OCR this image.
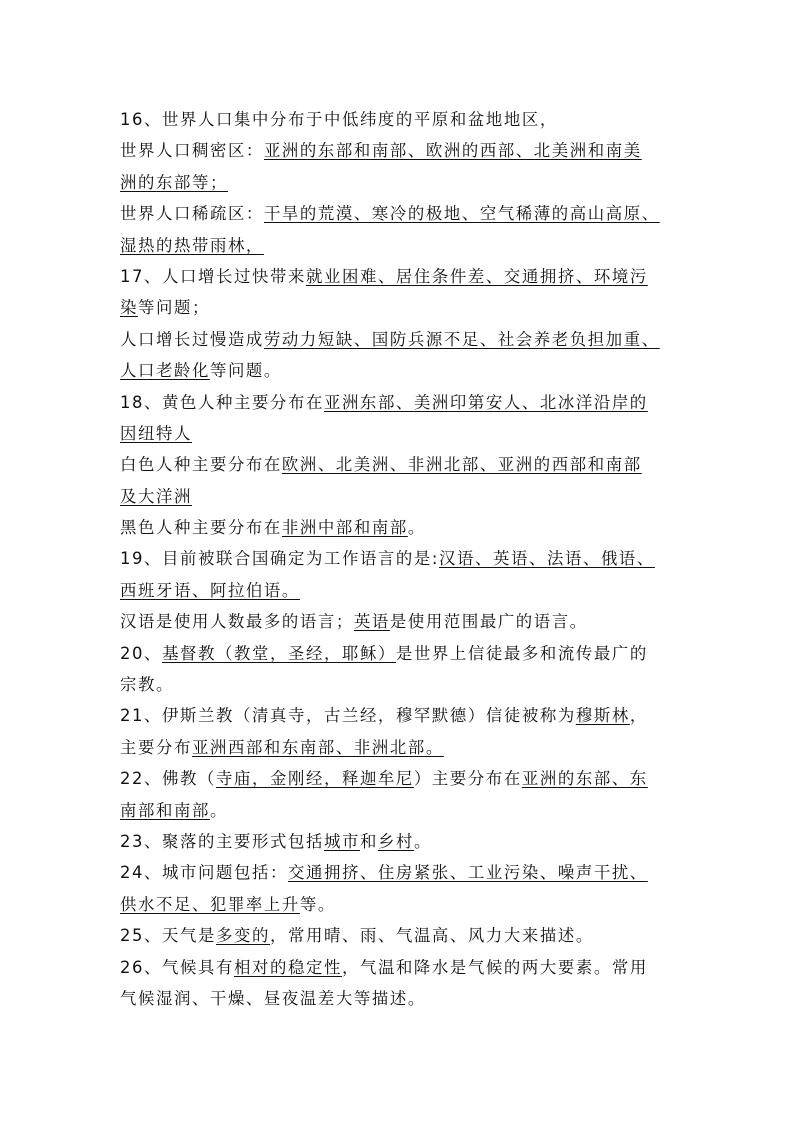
16、世界人口集中分布于中低纬度的平原和盆地地区，
世界人口稠密区：亚洲的东部和南部、欧洲的西部、北美洲和南美
洲的东部等；
世界人口稀疏区：干旱的荒漠、寒冷的极地、空气稀薄的高山高原、
湿热的热带雨林，
17、人口增长过快带来就业困难、居住条件差、交通拥挤、环境污
染等问题；
人口增长过慢造成劳动力短缺、国防兵源不足、社会养老负担加重、
人口老龄化等问题。
18、黄色人种主要分布在亚洲东部、美洲印第安人、北冰洋沿岸的
因纽特人
白色人种主要分布在欧洲、北美洲、非洲北部、亚洲的西部和南部
及大洋洲
黑色人种主要分布在非洲中部和南部。
19、目前被联合国确定为工作语言的是:汉语、英语、法语、俄语、
西班牙语、阿拉伯语。
汉语是使用人数最多的语言；英语是使用范围最广的语言。
20、基督教（教堂，圣经，耶稣）是世界上信徒最多和流传最广的
宗教。
21、伊斯兰教（清真寺，古兰经，穆罕默德）信徒被称为穆斯林，
主要分布亚洲西部和东南部、非洲北部。
22、佛教（寺庙，金刚经，释迦牟尼）主要分布在亚洲的东部、东
南部和南部。
23、聚落的主要形式包括城市和乡村。
24、城市问题包括：交通拥挤、住房紧张、工业污染、噪声干扰、
供水不足、犯罪率上升等。
25、天气是多变的，常用晴、雨、气温高、风力大来描述。
26、气候具有相对的稳定性，气温和降水是气候的两大要素。常用
气候湿润、干燥、昼夜温差大等描述。
